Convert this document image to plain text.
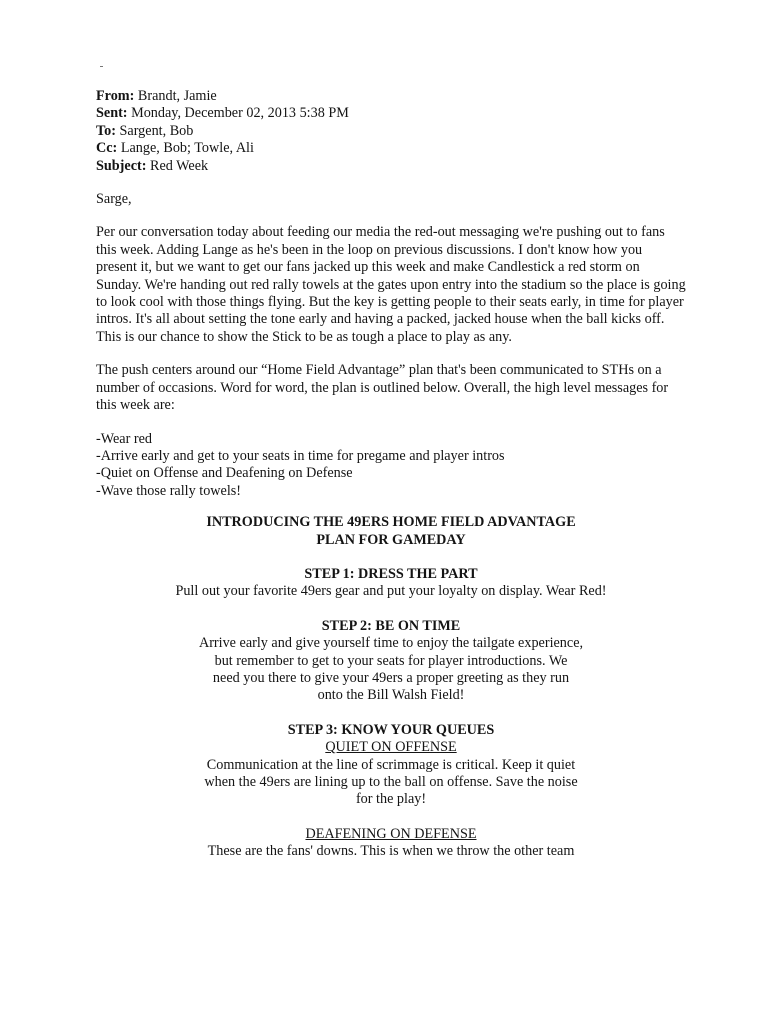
From: Brandt, Jamie
Sent: Monday, December 02, 2013 5:38 PM
To: Sargent, Bob
Cc: Lange, Bob; Towle, Ali
Subject: Red Week
Sarge,
Per our conversation today about feeding our media the red-out messaging we're pushing out to fans this week. Adding Lange as he's been in the loop on previous discussions. I don't know how you present it, but we want to get our fans jacked up this week and make Candlestick a red storm on Sunday. We're handing out red rally towels at the gates upon entry into the stadium so the place is going to look cool with those things flying. But the key is getting people to their seats early, in time for player intros. It's all about setting the tone early and having a packed, jacked house when the ball kicks off. This is our chance to show the Stick to be as tough a place to play as any.
The push centers around our “Home Field Advantage” plan that's been communicated to STHs on a number of occasions. Word for word, the plan is outlined below. Overall, the high level messages for this week are:
-Wear red
-Arrive early and get to your seats in time for pregame and player intros
-Quiet on Offense and Deafening on Defense
-Wave those rally towels!
INTRODUCING THE 49ERS HOME FIELD ADVANTAGE
PLAN FOR GAMEDAY
STEP 1: DRESS THE PART
Pull out your favorite 49ers gear and put your loyalty on display. Wear Red!
STEP 2: BE ON TIME
Arrive early and give yourself time to enjoy the tailgate experience,
but remember to get to your seats for player introductions. We
need you there to give your 49ers a proper greeting as they run
onto the Bill Walsh Field!
STEP 3: KNOW YOUR QUEUES
QUIET ON OFFENSE
Communication at the line of scrimmage is critical. Keep it quiet
when the 49ers are lining up to the ball on offense. Save the noise
for the play!
DEAFENING ON DEFENSE
These are the fans' downs. This is when we throw the other team
